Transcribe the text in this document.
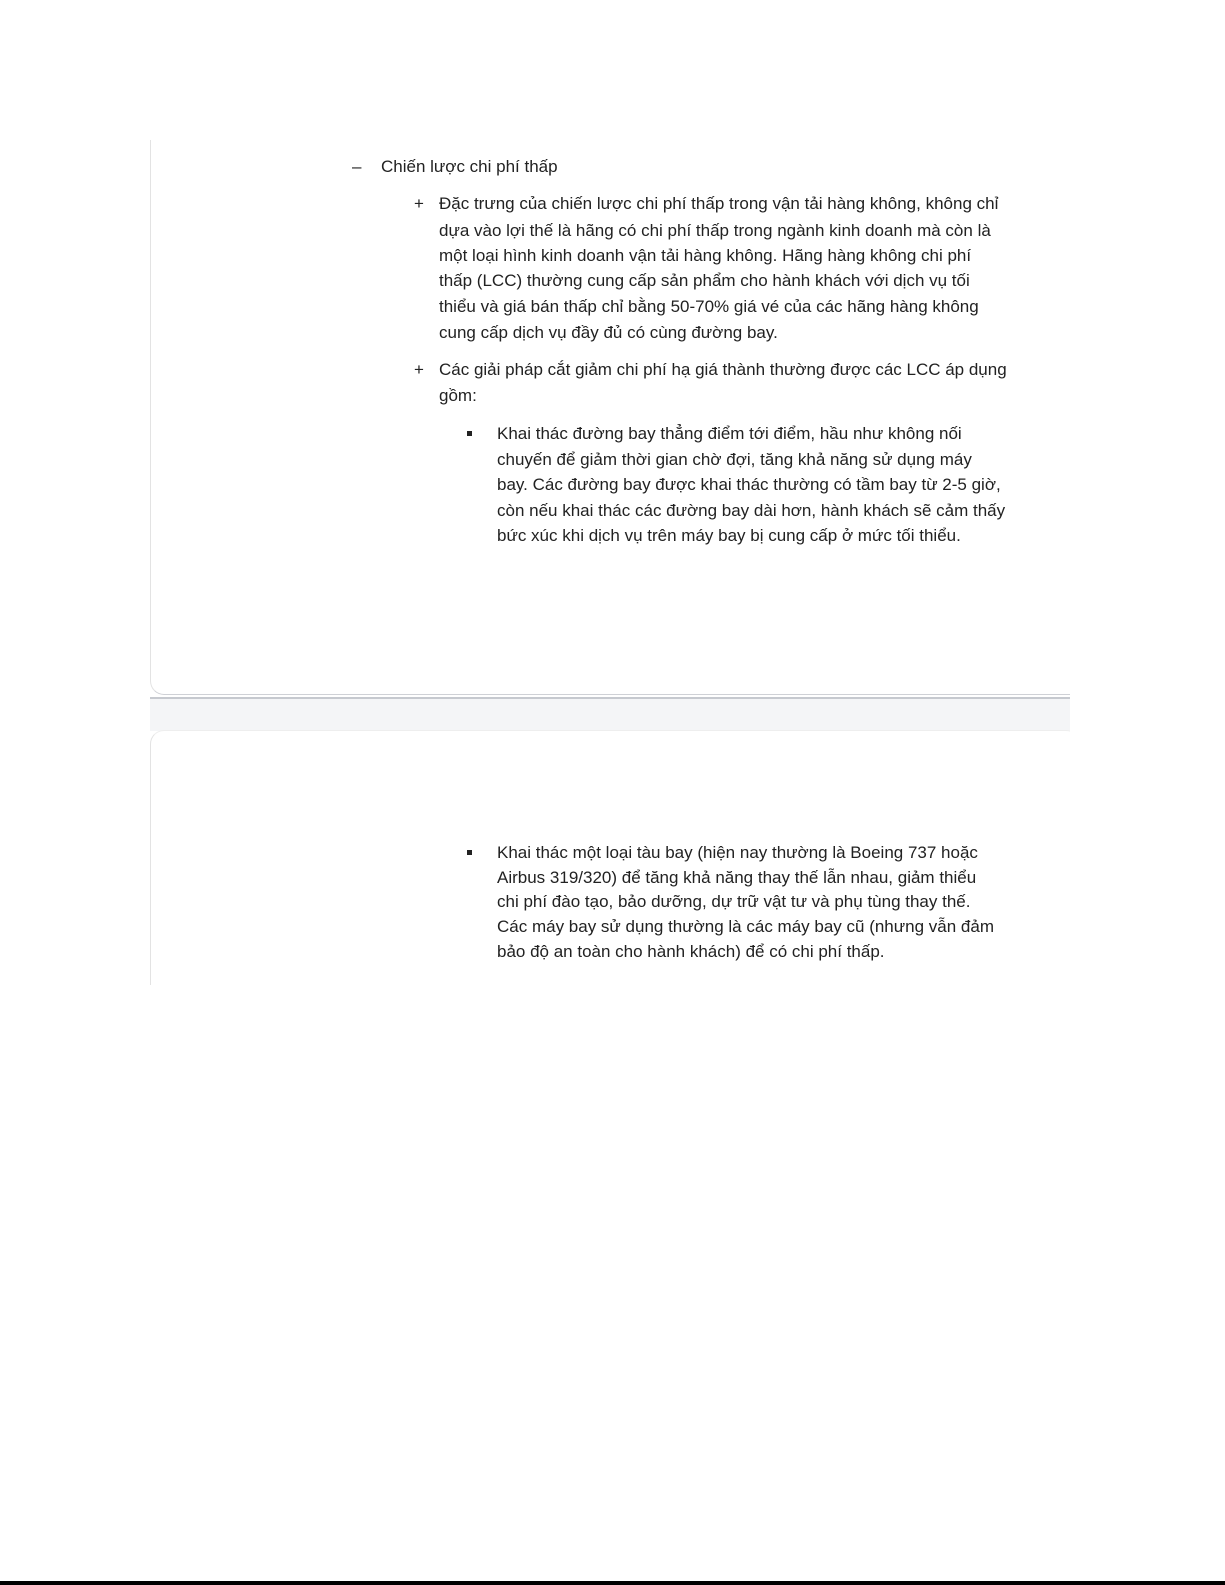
– Chiến lược chi phí thấp
+ Đặc trưng của chiến lược chi phí thấp trong vận tải hàng không, không chỉ
dựa vào lợi thế là hãng có chi phí thấp trong ngành kinh doanh mà còn là
một loại hình kinh doanh vận tải hàng không. Hãng hàng không chi phí
thấp (LCC) thường cung cấp sản phẩm cho hành khách với dịch vụ tối
thiểu và giá bán thấp chỉ bằng 50-70% giá vé của các hãng hàng không
cung cấp dịch vụ đầy đủ có cùng đường bay.
+ Các giải pháp cắt giảm chi phí hạ giá thành thường được các LCC áp dụng
gồm:
Khai thác đường bay thẳng điểm tới điểm, hầu như không nối
chuyến để giảm thời gian chờ đợi, tăng khả năng sử dụng máy
bay. Các đường bay được khai thác thường có tầm bay từ 2-5 giờ,
còn nếu khai thác các đường bay dài hơn, hành khách sẽ cảm thấy
bức xúc khi dịch vụ trên máy bay bị cung cấp ở mức tối thiểu.
Khai thác một loại tàu bay (hiện nay thường là Boeing 737 hoặc
Airbus 319/320) để tăng khả năng thay thế lẫn nhau, giảm thiểu
chi phí đào tạo, bảo dưỡng, dự trữ vật tư và phụ tùng thay thế.
Các máy bay sử dụng thường là các máy bay cũ (nhưng vẫn đảm
bảo độ an toàn cho hành khách) để có chi phí thấp.
